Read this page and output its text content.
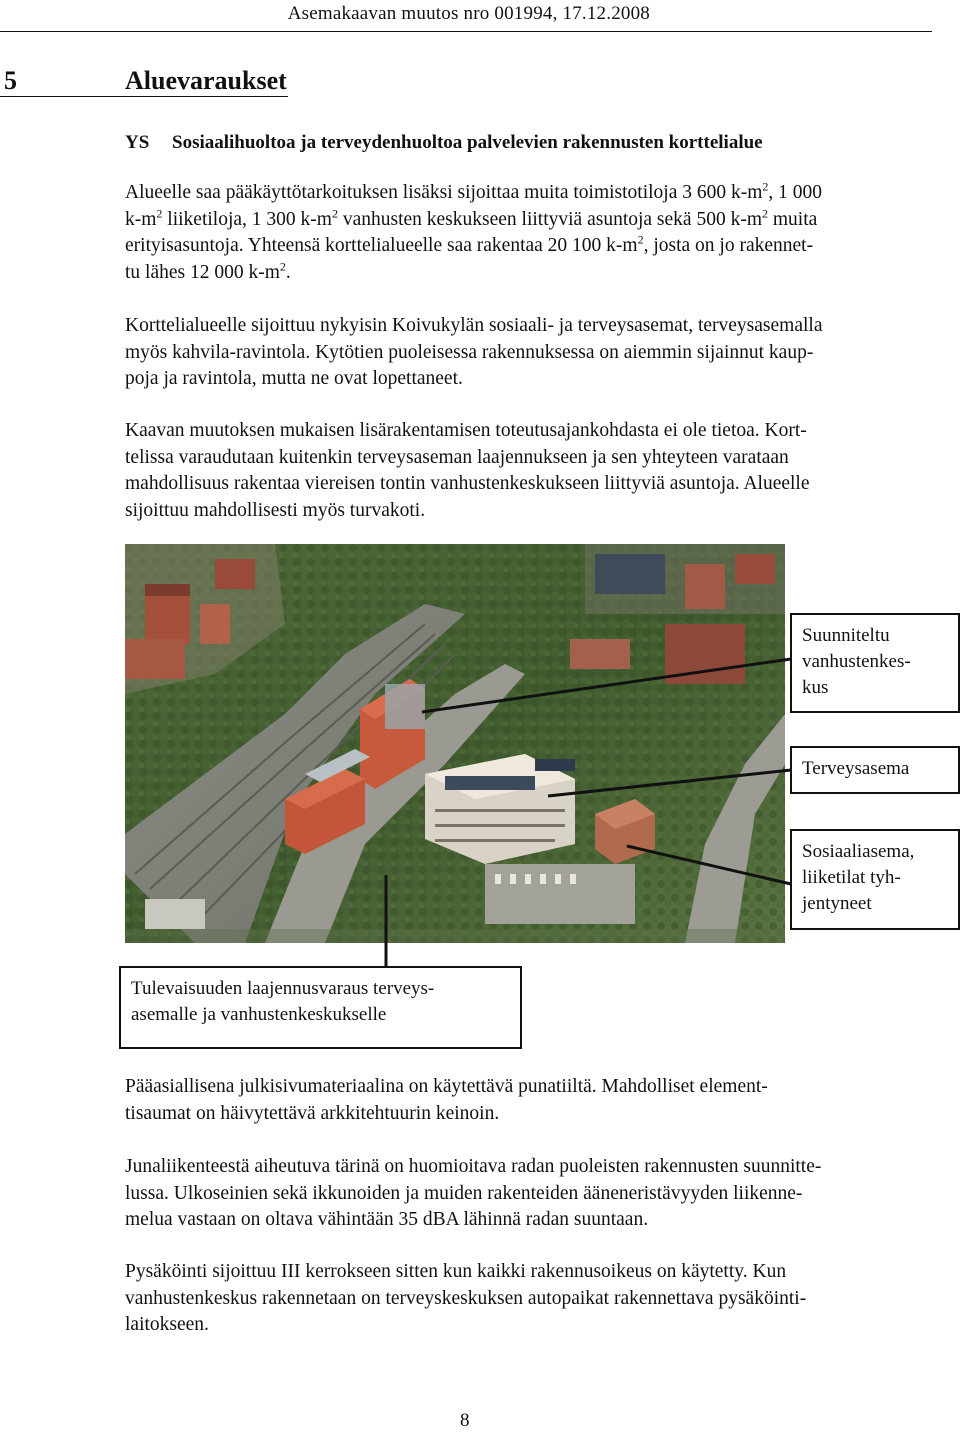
Asemakaavan muutos nro 001994, 17.12.2008
5	Aluevaraukset
YS Sosiaalihuoltoa ja terveydenhuoltoa palvelevien rakennusten korttelialue
Alueelle saa pääkäyttötarkoituksen lisäksi sijoittaa muita toimistotiloja 3 600 $k-m^2$, 1 000
$k-m^2$ liiketiloja, 1 300 $k-m^2$ vanhusten keskukseen liittyviä asuntoja sekä 500 $k-m^2$ muita
erityisasuntoja. Yhteensä korttelialueelle saa rakentaa 20 100 $k-m^2$, josta on jo rakennet-
tu lähes 12 000 $k-m^2$.
Korttelialueelle sijoittuu nykyisin Koivukylän sosiaali- ja terveysasemat, terveysasemalla
myös kahvila-ravintola. Kytötien puoleisessa rakennuksessa on aiemmin sijainnut kaup-
poja ja ravintola, mutta ne ovat lopettaneet.
Kaavan muutoksen mukaisen lisärakentamisen toteutusajankohdasta ei ole tietoa. Kort-
telissa varaudutaan kuitenkin terveysaseman laajennukseen ja sen yhteyteen varataan
mahdollisuus rakentaa viereisen tontin vanhustenkeskukseen liittyviä asuntoja. Alueelle
sijoittuu mahdollisesti myös turvakoti.
Suunniteltu
vanhustenkes-
kus
Terveysasema
Sosiaaliasema,
liiketilat tyh-
jentyneet
Tulevaisuuden laajennusvaraus terveys-
asemalle ja vanhustenkeskukselle
Pääasiallisena julkisivumateriaalina on käytettävä punatiiltä. Mahdolliset element-
tisaumat on häivytettävä arkkitehtuurin keinoin.
Junaliikenteestä aiheutuva tärinä on huomioitava radan puoleisten rakennusten suunnitte-
lussa. Ulkoseinien sekä ikkunoiden ja muiden rakenteiden ääneneristävyyden liikenne-
melua vastaan on oltava vähintään 35 dBA lähinnä radan suuntaan.
Pysäköinti sijoittuu III kerrokseen sitten kun kaikki rakennusoikeus on käytetty. Kun
vanhustenkeskus rakennetaan on terveyskeskuksen autopaikat rakennettava pysäköinti-
laitokseen.
8
